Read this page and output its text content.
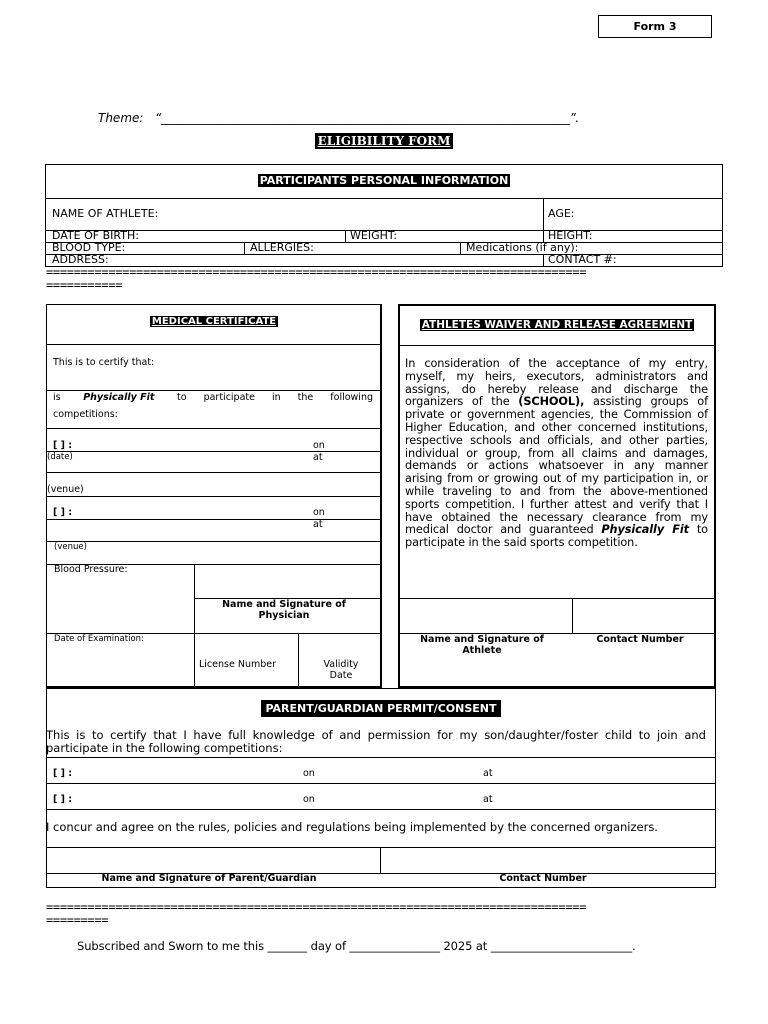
Form 3
Theme: “_________________________________________________________________________”.
ELIGIBILITY FORM
PARTICIPANTS PERSONAL INFORMATION
NAME OF ATHLETE:	AGE:
DATE OF BIRTH:	WEIGHT:	HEIGHT:
BLOOD TYPE:	ALLERGIES:	Medications (if any):
ADDRESS:	CONTACT #:
==============================================================================
===========
MEDICAL CERTIFICATE
This is to certify that:
is Physically Fit to participate in the following
competitions:
[ ] :	on
(date)	at
(venue)
[ ] :	on
at
(venue)
Blood Pressure:
Name and Signature of Physician
Date of Examination:
License Number	Validity Date
ATHLETES WAIVER AND RELEASE AGREEMENT
In consideration of the acceptance of my entry, myself, my heirs, executors, administrators and assigns, do hereby release and discharge the organizers of the (SCHOOL), assisting groups of private or government agencies, the Commission of Higher Education, and other concerned institutions, respective schools and officials, and other parties, individual or group, from all claims and damages, demands or actions whatsoever in any manner arising from or growing out of my participation in, or while traveling to and from the above-mentioned sports competition. I further attest and verify that I have obtained the necessary clearance from my medical doctor and guaranteed Physically Fit to participate in the said sports competition.
Name and Signature of Athlete
Contact Number
PARENT/GUARDIAN PERMIT/CONSENT
This is to certify that I have full knowledge of and permission for my son/daughter/foster child to join and participate in the following competitions:
[ ] :	on	at
[ ] :	on	at
I concur and agree on the rules, policies and regulations being implemented by the concerned organizers.
Name and Signature of Parent/Guardian	Contact Number
==============================================================================
=========
Subscribed and Sworn to me this _______ day of ________________ 2025 at _________________________.
